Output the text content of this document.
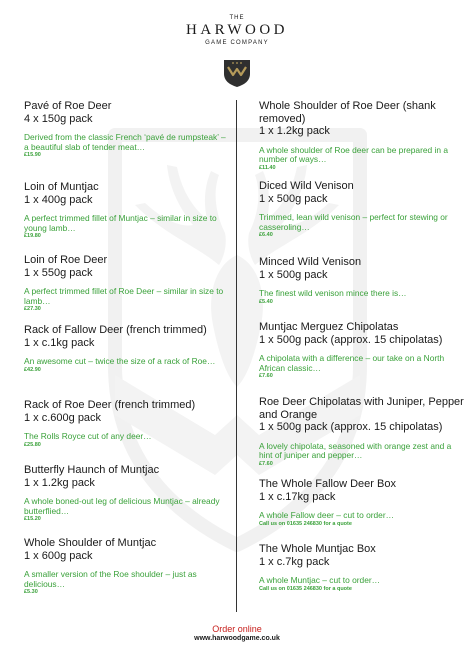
THE
HARWOOD
GAME COMPANY
Pavé of Roe Deer
4 x 150g pack
Derived from the classic French ‘pavé de rumpsteak’ – a beautiful slab of tender meat…
£15.90
Loin of Muntjac
1 x 400g pack
A perfect trimmed fillet of Muntjac – similar in size to young lamb…
£19.80
Loin of Roe Deer
1 x 550g pack
A perfect trimmed fillet of Roe Deer – similar in size to lamb…
£27.30
Rack of Fallow Deer (french trimmed)
1 x c.1kg pack
An awesome cut – twice the size of a rack of Roe…
£42.90
Rack of Roe Deer (french trimmed)
1 x c.600g pack
The Rolls Royce cut of any deer…
£25.80
Butterfly Haunch of Muntjac
1 x 1.2kg pack
A whole boned-out leg of delicious Muntjac – already butterflied…
£15.20
Whole Shoulder of Muntjac
1 x 600g pack
A smaller version of the Roe shoulder – just as delicious…
£5.30
Whole Shoulder of Roe Deer (shank removed)
1 x 1.2kg pack
A whole shoulder of Roe deer can be prepared in a number of ways…
£11.40
Diced Wild Venison
1 x 500g pack
Trimmed, lean wild venison – perfect for stewing or casseroling…
£6.40
Minced Wild Venison
1 x 500g pack
The finest wild venison mince there is…
£5.40
Muntjac Merguez Chipolatas
1 x 500g pack (approx. 15 chipolatas)
A chipolata with a difference – our take on a North African classic…
£7.60
Roe Deer Chipolatas with Juniper, Pepper and Orange
1 x 500g pack (approx. 15 chipolatas)
A lovely chipolata, seasoned with orange zest and a hint of juniper and pepper…
£7.60
The Whole Fallow Deer Box
1 x c.17kg pack
A whole Fallow deer – cut to order…
Call us on 01635 246830 for a quote
The Whole Muntjac Box
1 x c.7kg pack
A whole Muntjac – cut to order…
Call us on 01635 246830 for a quote
Order online
www.harwoodgame.co.uk
